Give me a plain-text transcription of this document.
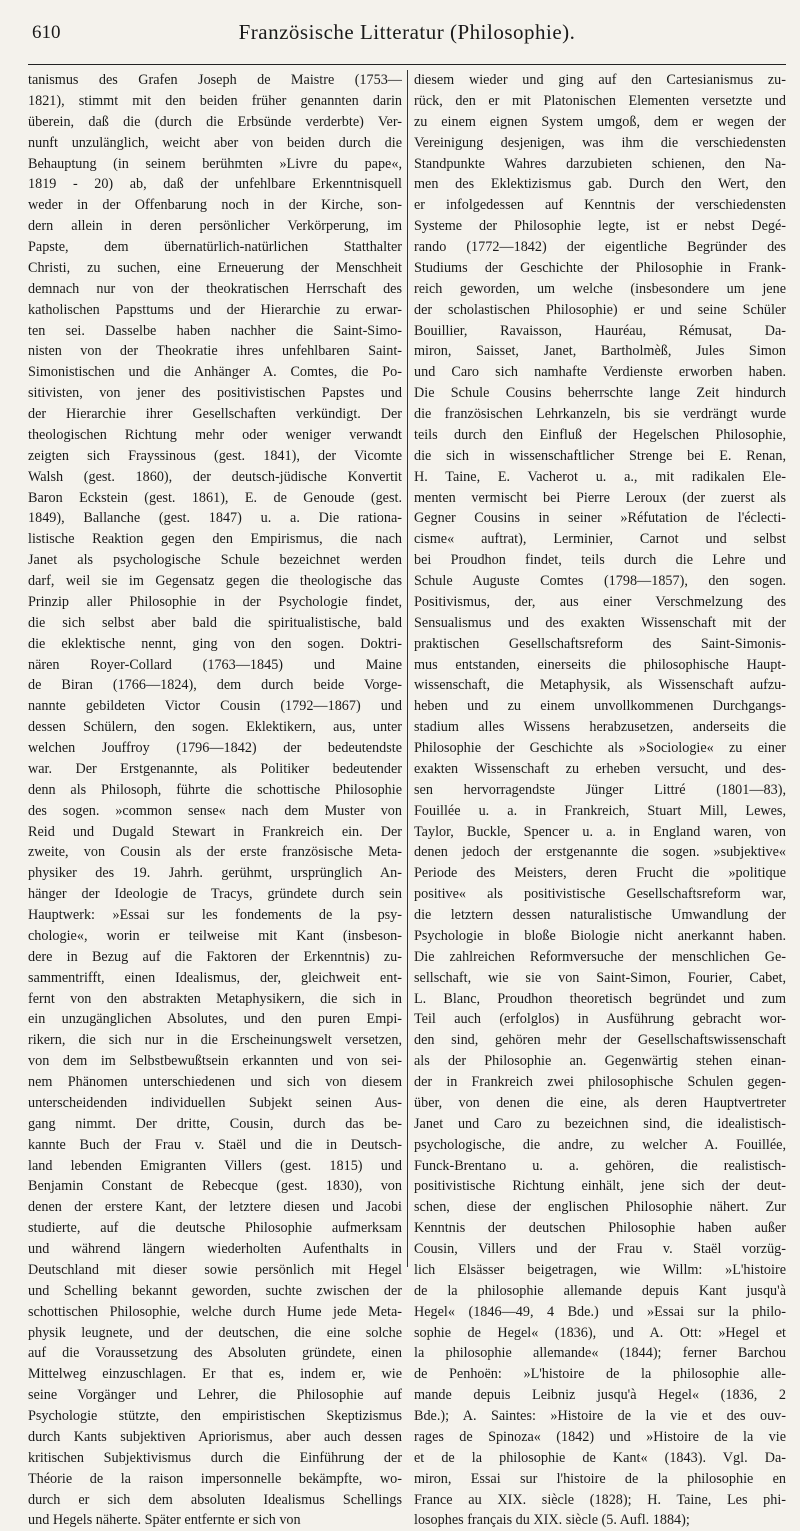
610	Französische Litteratur (Philosophie).
tanismus des Grafen Joseph de Maistre (1753—
1821), stimmt mit den beiden früher genannten darin
überein, daß die (durch die Erbsünde verderbte) Ver-
nunft unzulänglich, weicht aber von beiden durch die
Behauptung (in seinem berühmten »Livre du pape«,
1819 - 20) ab, daß der unfehlbare Erkenntnisquell
weder in der Offenbarung noch in der Kirche, son-
dern allein in deren persönlicher Verkörperung, im
Papste, dem übernatürlich-natürlichen Statthalter
Christi, zu suchen, eine Erneuerung der Menschheit
demnach nur von der theokratischen Herrschaft des
katholischen Papsttums und der Hierarchie zu erwar-
ten sei. Dasselbe haben nachher die Saint-Simo-
nisten von der Theokratie ihres unfehlbaren Saint-
Simonistischen und die Anhänger A. Comtes, die Po-
sitivisten, von jener des positivistischen Papstes und
der Hierarchie ihrer Gesellschaften verkündigt. Der
theologischen Richtung mehr oder weniger verwandt
zeigten sich Frayssinous (gest. 1841), der Vicomte
Walsh (gest. 1860), der deutsch-jüdische Konvertit
Baron Eckstein (gest. 1861), E. de Genoude (gest.
1849), Ballanche (gest. 1847) u. a. Die rationa-
listische Reaktion gegen den Empirismus, die nach
Janet als psychologische Schule bezeichnet werden
darf, weil sie im Gegensatz gegen die theologische das
Prinzip aller Philosophie in der Psychologie findet,
die sich selbst aber bald die spiritualistische, bald
die eklektische nennt, ging von den sogen. Doktri-
nären Royer-Collard (1763—1845) und Maine
de Biran (1766—1824), dem durch beide Vorge-
nannte gebildeten Victor Cousin (1792—1867) und
dessen Schülern, den sogen. Eklektikern, aus, unter
welchen Jouffroy (1796—1842) der bedeutendste
war. Der Erstgenannte, als Politiker bedeutender
denn als Philosoph, führte die schottische Philosophie
des sogen. »common sense« nach dem Muster von
Reid und Dugald Stewart in Frankreich ein. Der
zweite, von Cousin als der erste französische Meta-
physiker des 19. Jahrh. gerühmt, ursprünglich An-
hänger der Ideologie de Tracys, gründete durch sein
Hauptwerk: »Essai sur les fondements de la psy-
chologie«, worin er teilweise mit Kant (insbeson-
dere in Bezug auf die Faktoren der Erkenntnis) zu-
sammentrifft, einen Idealismus, der, gleichweit ent-
fernt von den abstrakten Metaphysikern, die sich in
ein unzugänglichen Absolutes, und den puren Empi-
rikern, die sich nur in die Erscheinungswelt versetzen,
von dem im Selbstbewußtsein erkannten und von sei-
nem Phänomen unterschiedenen und sich von diesem
unterscheidenden individuellen Subjekt seinen Aus-
gang nimmt. Der dritte, Cousin, durch das be-
kannte Buch der Frau v. Staël und die in Deutsch-
land lebenden Emigranten Villers (gest. 1815) und
Benjamin Constant de Rebecque (gest. 1830), von
denen der erstere Kant, der letztere diesen und Jacobi
studierte, auf die deutsche Philosophie aufmerksam
und während längern wiederholten Aufenthalts in
Deutschland mit dieser sowie persönlich mit Hegel
und Schelling bekannt geworden, suchte zwischen der
schottischen Philosophie, welche durch Hume jede Meta-
physik leugnete, und der deutschen, die eine solche
auf die Voraussetzung des Absoluten gründete, einen
Mittelweg einzuschlagen. Er that es, indem er, wie
seine Vorgänger und Lehrer, die Philosophie auf
Psychologie stützte, den empiristischen Skeptizismus
durch Kants subjektiven Apriorismus, aber auch dessen
kritischen Subjektivismus durch die Einführung der
Théorie de la raison impersonnelle bekämpfte, wo-
durch er sich dem absoluten Idealismus Schellings
und Hegels näherte. Später entfernte er sich von
diesem wieder und ging auf den Cartesianismus zu-
rück, den er mit Platonischen Elementen versetzte und
zu einem eignen System umgoß, dem er wegen der
Vereinigung desjenigen, was ihm die verschiedensten
Standpunkte Wahres darzubieten schienen, den Na-
men des Eklektizismus gab. Durch den Wert, den
er infolgedessen auf Kenntnis der verschiedensten
Systeme der Philosophie legte, ist er nebst Degé-
rando (1772—1842) der eigentliche Begründer des
Studiums der Geschichte der Philosophie in Frank-
reich geworden, um welche (insbesondere um jene
der scholastischen Philosophie) er und seine Schüler
Bouillier, Ravaisson, Hauréau, Rémusat, Da-
miron, Saisset, Janet, Bartholmèß, Jules Simon
und Caro sich namhafte Verdienste erworben haben.
Die Schule Cousins beherrschte lange Zeit hindurch
die französischen Lehrkanzeln, bis sie verdrängt wurde
teils durch den Einfluß der Hegelschen Philosophie,
die sich in wissenschaftlicher Strenge bei E. Renan,
H. Taine, E. Vacherot u. a., mit radikalen Ele-
menten vermischt bei Pierre Leroux (der zuerst als
Gegner Cousins in seiner »Réfutation de l'éclecti-
cisme« auftrat), Lerminier, Carnot und selbst
bei Proudhon findet, teils durch die Lehre und
Schule Auguste Comtes (1798—1857), den sogen.
Positivismus, der, aus einer Verschmelzung des
Sensualismus und des exakten Wissenschaft mit der
praktischen Gesellschaftsreform des Saint-Simonis-
mus entstanden, einerseits die philosophische Haupt-
wissenschaft, die Metaphysik, als Wissenschaft aufzu-
heben und zu einem unvollkommenen Durchgangs-
stadium alles Wissens herabzusetzen, anderseits die
Philosophie der Geschichte als »Sociologie« zu einer
exakten Wissenschaft zu erheben versucht, und des-
sen hervorragendste Jünger Littré (1801—83),
Fouillée u. a. in Frankreich, Stuart Mill, Lewes,
Taylor, Buckle, Spencer u. a. in England waren, von
denen jedoch der erstgenannte die sogen. »subjektive«
Periode des Meisters, deren Frucht die »politique
positive« als positivistische Gesellschaftsreform war,
die letztern dessen naturalistische Umwandlung der
Psychologie in bloße Biologie nicht anerkannt haben.
Die zahlreichen Reformversuche der menschlichen Ge-
sellschaft, wie sie von Saint-Simon, Fourier, Cabet,
L. Blanc, Proudhon theoretisch begründet und zum
Teil auch (erfolglos) in Ausführung gebracht wor-
den sind, gehören mehr der Gesellschaftswissenschaft
als der Philosophie an. Gegenwärtig stehen einan-
der in Frankreich zwei philosophische Schulen gegen-
über, von denen die eine, als deren Hauptvertreter
Janet und Caro zu bezeichnen sind, die idealistisch-
psychologische, die andre, zu welcher A. Fouillée,
Funck-Brentano u. a. gehören, die realistisch-
positivistische Richtung einhält, jene sich der deut-
schen, diese der englischen Philosophie nähert. Zur
Kenntnis der deutschen Philosophie haben außer
Cousin, Villers und der Frau v. Staël vorzüg-
lich Elsässer beigetragen, wie Willm: »L'histoire
de la philosophie allemande depuis Kant jusqu'à
Hegel« (1846—49, 4 Bde.) und »Essai sur la philo-
sophie de Hegel« (1836), und A. Ott: »Hegel et
la philosophie allemande« (1844); ferner Barchou
de Penhoën: »L'histoire de la philosophie alle-
mande depuis Leibniz jusqu'à Hegel« (1836, 2
Bde.); A. Saintes: »Histoire de la vie et des ouv-
rages de Spinoza« (1842) und »Histoire de la vie
et de la philosophie de Kant« (1843). Vgl. Da-
miron, Essai sur l'histoire de la philosophie en
France au XIX. siècle (1828); H. Taine, Les phi-
losophes français du XIX. siècle (5. Aufl. 1884);
